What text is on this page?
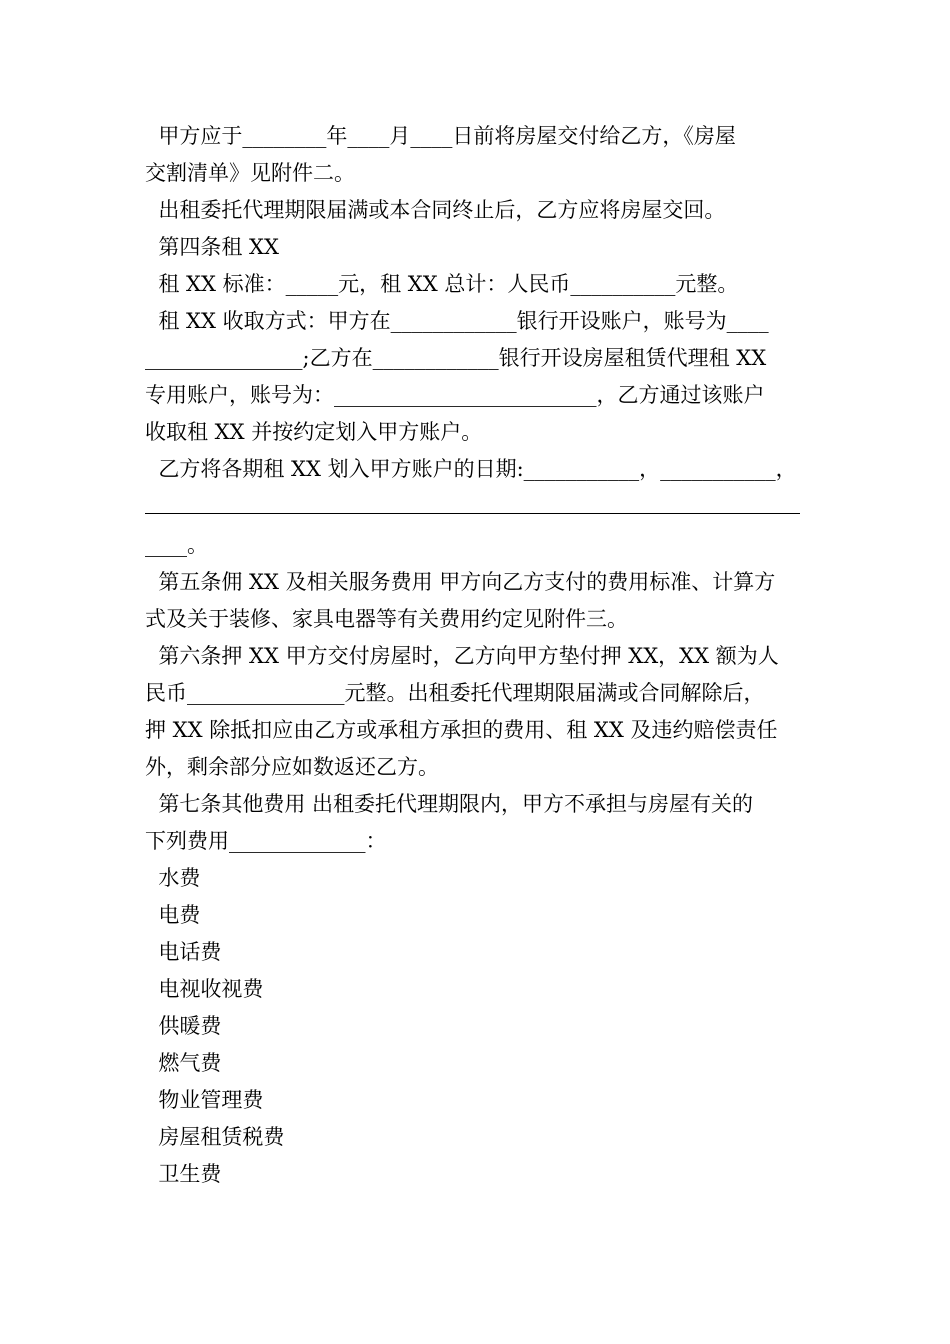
甲方应于________年____月____日前将房屋交付给乙方，《房屋

交割清单》见附件二。

出租委托代理期限届满或本合同终止后，乙方应将房屋交回。

第四条租 XX

租 XX 标准：_____元，租 XX 总计：人民币__________元整。

租 XX 收取方式：甲方在____________银行开设账户，账号为____

_______________;乙方在____________银行开设房屋租赁代理租 XX

专用账户，账号为：_________________________，乙方通过该账户

收取租 XX 并按约定划入甲方账户。

乙方将各期租 XX 划入甲方账户的日期:___________，___________，

____。

第五条佣 XX 及相关服务费用 甲方向乙方支付的费用标准、计算方

式及关于装修、家具电器等有关费用约定见附件三。

第六条押 XX 甲方交付房屋时，乙方向甲方垫付押 XX，XX 额为人

民币_______________元整。出租委托代理期限届满或合同解除后，

押 XX 除抵扣应由乙方或承租方承担的费用、租 XX 及违约赔偿责任

外，剩余部分应如数返还乙方。

第七条其他费用 出租委托代理期限内，甲方不承担与房屋有关的

下列费用_____________：

水费

电费

电话费

电视收视费

供暖费

燃气费

物业管理费

房屋租赁税费

卫生费
